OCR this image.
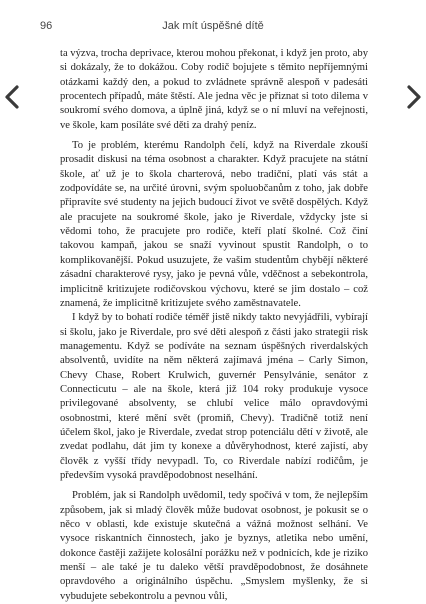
96	Jak mít úspěšné dítě

ta výzva, trocha deprivace, kterou mohou překonat, i když jen proto, aby si dokázaly, že to dokážou. Coby rodič bojujete s těmito nepříjemnými otázkami každý den, a pokud to zvládnete správně alespoň v padesáti procentech případů, máte štěstí. Ale jedna věc je přiznat si toto dilema v soukromí svého domova, a úplně jiná, když se o ní mluví na veřejnosti, ve škole, kam posíláte své děti za drahý peníz.

To je problém, kterému Randolph čelí, když na Riverdale zkouší prosadit diskusi na téma osobnost a charakter. Když pracujete na státní škole, ať už je to škola charterová, nebo tradiční, platí vás stát a zodpovídáte se, na určité úrovni, svým spoluobčanům z toho, jak dobře připravíte své studenty na jejich budoucí život ve světě dospělých. Když ale pracujete na soukromé škole, jako je Riverdale, vždycky jste si vědomi toho, že pracujete pro rodiče, kteří platí školné. Což činí takovou kampaň, jakou se snaží vyvinout spustit Randolph, o to komplikovanější. Pokud usuzujete, že vašim studentům chybějí některé zásadní charakterové rysy, jako je pevná vůle, vděčnost a sebekontrola, implicitně kritizujete rodičovskou výchovu, které se jim dostalo – což znamená, že implicitně kritizujete svého zaměstnavatele.

I když by to bohatí rodiče téměř jistě nikdy takto nevyjádřili, vybírají si školu, jako je Riverdale, pro své děti alespoň z části jako strategii risk managementu. Když se podíváte na seznam úspěšných riverdalských absolventů, uvidíte na něm některá zajímavá jména – Carly Simon, Chevy Chase, Robert Krulwich, guvernér Pensylvánie, senátor z Connecticutu – ale na škole, která již 104 roky produkuje vysoce privilegované absolventy, se chlubí velice málo opravdovými osobnostmi, které mění svět (promiň, Chevy). Tradičně totiž není účelem škol, jako je Riverdale, zvedat strop potenciálu dětí v životě, ale zvedat podlahu, dát jim ty konexe a důvěryhodnost, které zajistí, aby člověk z vyšší třídy nevypadl. To, co Riverdale nabízí rodičům, je především vysoká pravděpodobnost neselhání.

Problém, jak si Randolph uvědomil, tedy spočívá v tom, že nejlepším způsobem, jak si mladý člověk může budovat osobnost, je pokusit se o něco v oblasti, kde existuje skutečná a vážná možnost selhání. Ve vysoce riskantních činnostech, jako je byznys, atletika nebo umění, dokonce častěji zažijete kolosální porážku než v podnicích, kde je riziko menší – ale také je tu daleko větší pravděpodobnost, že dosáhnete opravdového a originálního úspěchu. „Smyslem myšlenky, že si vybudujete sebekontrolu a pevnou vůli,
